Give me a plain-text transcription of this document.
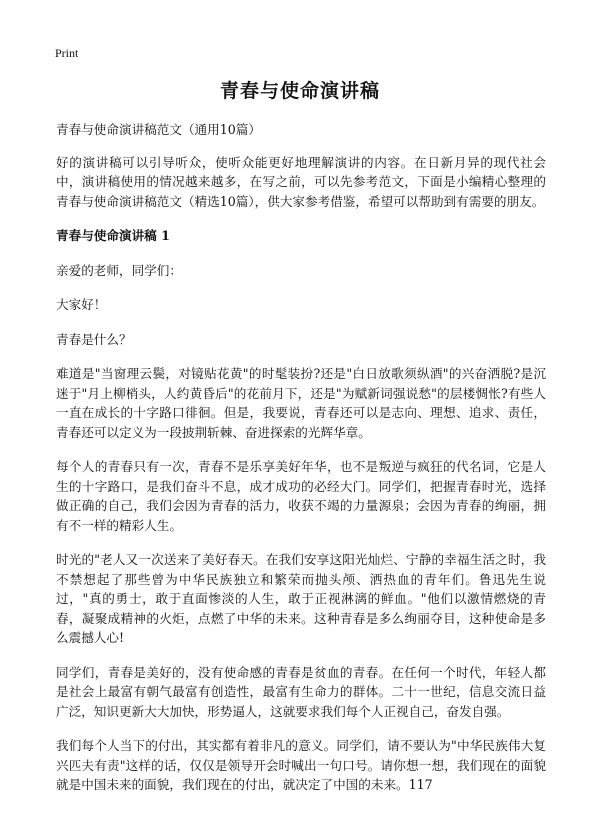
Print
青春与使命演讲稿

青春与使命演讲稿范文（通用10篇）

好的演讲稿可以引导听众，使听众能更好地理解演讲的内容。在日新月异的现代社会中，演讲稿使用的情况越来越多，在写之前，可以先参考范文，下面是小编精心整理的青春与使命演讲稿范文（精选10篇），供大家参考借鉴，希望可以帮助到有需要的朋友。

青春与使命演讲稿 1

亲爱的老师，同学们：

大家好！

青春是什么？

难道是"当窗理云鬓，对镜贴花黄"的时髦装扮?还是"白日放歌须纵酒"的兴奋洒脱?是沉迷于"月上柳梢头，人约黄昏后"的花前月下，还是"为赋新词强说愁"的层楼惆怅?有些人一直在成长的十字路口徘徊。但是，我要说，青春还可以是志向、理想、追求、责任，青春还可以定义为一段披荆斩棘、奋进探索的光辉华章。

每个人的青春只有一次，青春不是乐享美好年华，也不是叛逆与疯狂的代名词，它是人生的十字路口，是我们奋斗不息，成才成功的必经大门。同学们，把握青春时光，选择做正确的自己，我们会因为青春的活力，收获不竭的力量源泉；会因为青春的绚丽，拥有不一样的精彩人生。

时光的"老人又一次送来了美好春天。在我们安享这阳光灿烂、宁静的幸福生活之时，我不禁想起了那些曾为中华民族独立和繁荣而抛头颅、洒热血的青年们。鲁迅先生说过，"真的勇士，敢于直面惨淡的人生，敢于正视淋漓的鲜血。"他们以激情燃烧的青春，凝聚成精神的火炬，点燃了中华的未来。这种青春是多么绚丽夺目，这种使命是多么震撼人心!

同学们，青春是美好的，没有使命感的青春是贫血的青春。在任何一个时代，年轻人都是社会上最富有朝气最富有创造性，最富有生命力的群体。二十一世纪，信息交流日益广泛，知识更新大大加快，形势逼人，这就要求我们每个人正视自己，奋发自强。

我们每个人当下的付出，其实都有着非凡的意义。同学们，请不要认为"中华民族伟大复兴匹夫有责"这样的话，仅仅是领导开会时喊出一句口号。请你想一想，我们现在的面貌就是中国未来的面貌，我们现在的付出，就决定了中国的未来。117
